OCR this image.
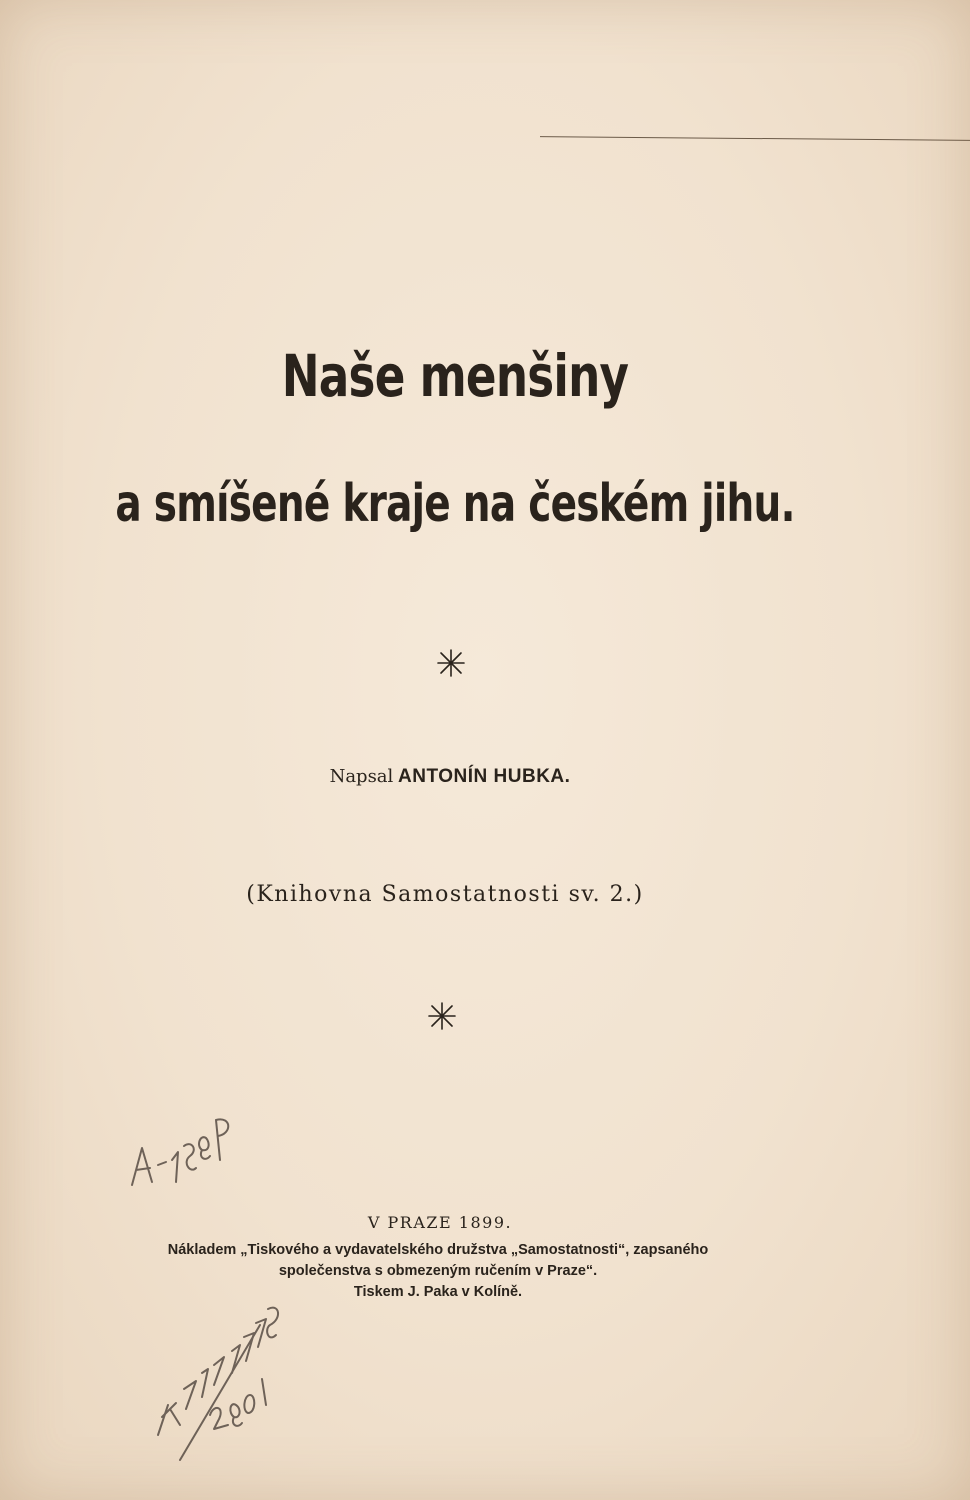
Naše menšiny
a smíšené kraje na českém jihu.
Napsal ANTONÍN HUBKA.
(Knihovna Samostatnosti sv. 2.)
V PRAZE 1899.
Nákladem „Tiskového a vydavatelského družstva „Samostatnosti“, zapsaného
společenstva s obmezeným ručením v Praze“.
Tiskem J. Paka v Kolíně.
